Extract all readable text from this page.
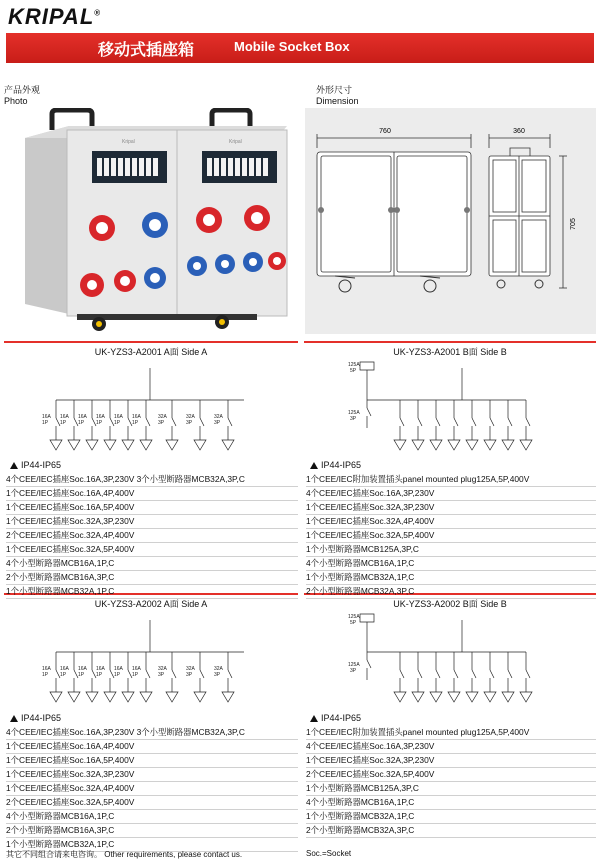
KRIPAL®
移动式插座箱	Mobile Socket Box
产品外观
Photo
外形尺寸
Dimension
Kripal	Kripal
760	360
705
UK-YZS3-A2001 A面 Side A	UK-YZS3-A2001 B面 Side B
UK-YZS3-A2002 A面 Side A	UK-YZS3-A2002 B面 Side B
16A
1P
16A
1P
16A
1P
16A
1P
16A
1P
16A
1P
32A
3P
32A
3P
32A
3P
125A
5P
125A
3P
16A
1P
16A
1P
16A
1P
16A
1P
16A
1P
16A
1P
32A
3P
32A
3P
32A
3P
125A
5P
125A
3P
IP44-IP65	IP44-IP65
IP44-IP65	IP44-IP65
4个CEE/IEC插座Soc.16A,3P,230V 3个小型断路器MCB32A,3P,C
1个CEE/IEC插座Soc.16A,4P,400V
1个CEE/IEC插座Soc.16A,5P,400V
1个CEE/IEC插座Soc.32A,3P,230V
2个CEE/IEC插座Soc.32A,4P,400V
1个CEE/IEC插座Soc.32A,5P,400V
4个小型断路器MCB16A,1P,C
2个小型断路器MCB16A,3P,C
1个小型断路器MCB32A,1P,C
1个CEE/IEC附加装置插头panel mounted plug125A,5P,400V
4个CEE/IEC插座Soc.16A,3P,230V
1个CEE/IEC插座Soc.32A,3P,230V
1个CEE/IEC插座Soc.32A,4P,400V
1个CEE/IEC插座Soc.32A,5P,400V
1个小型断路器MCB125A,3P,C
4个小型断路器MCB16A,1P,C
1个小型断路器MCB32A,1P,C
2个小型断路器MCB32A,3P,C
4个CEE/IEC插座Soc.16A,3P,230V 3个小型断路器MCB32A,3P,C
1个CEE/IEC插座Soc.16A,4P,400V
1个CEE/IEC插座Soc.16A,5P,400V
1个CEE/IEC插座Soc.32A,3P,230V
1个CEE/IEC插座Soc.32A,4P,400V
2个CEE/IEC插座Soc.32A,5P,400V
4个小型断路器MCB16A,1P,C
2个小型断路器MCB16A,3P,C
1个小型断路器MCB32A,1P,C
1个CEE/IEC附加装置插头panel mounted plug125A,5P,400V
4个CEE/IEC插座Soc.16A,3P,230V
1个CEE/IEC插座Soc.32A,3P,230V
2个CEE/IEC插座Soc.32A,5P,400V
1个小型断路器MCB125A,3P,C
4个小型断路器MCB16A,1P,C
1个小型断路器MCB32A,1P,C
2个小型断路器MCB32A,3P,C
其它不同组合请来电咨询。 Other requirements, please contact us.	Soc.=Socket
